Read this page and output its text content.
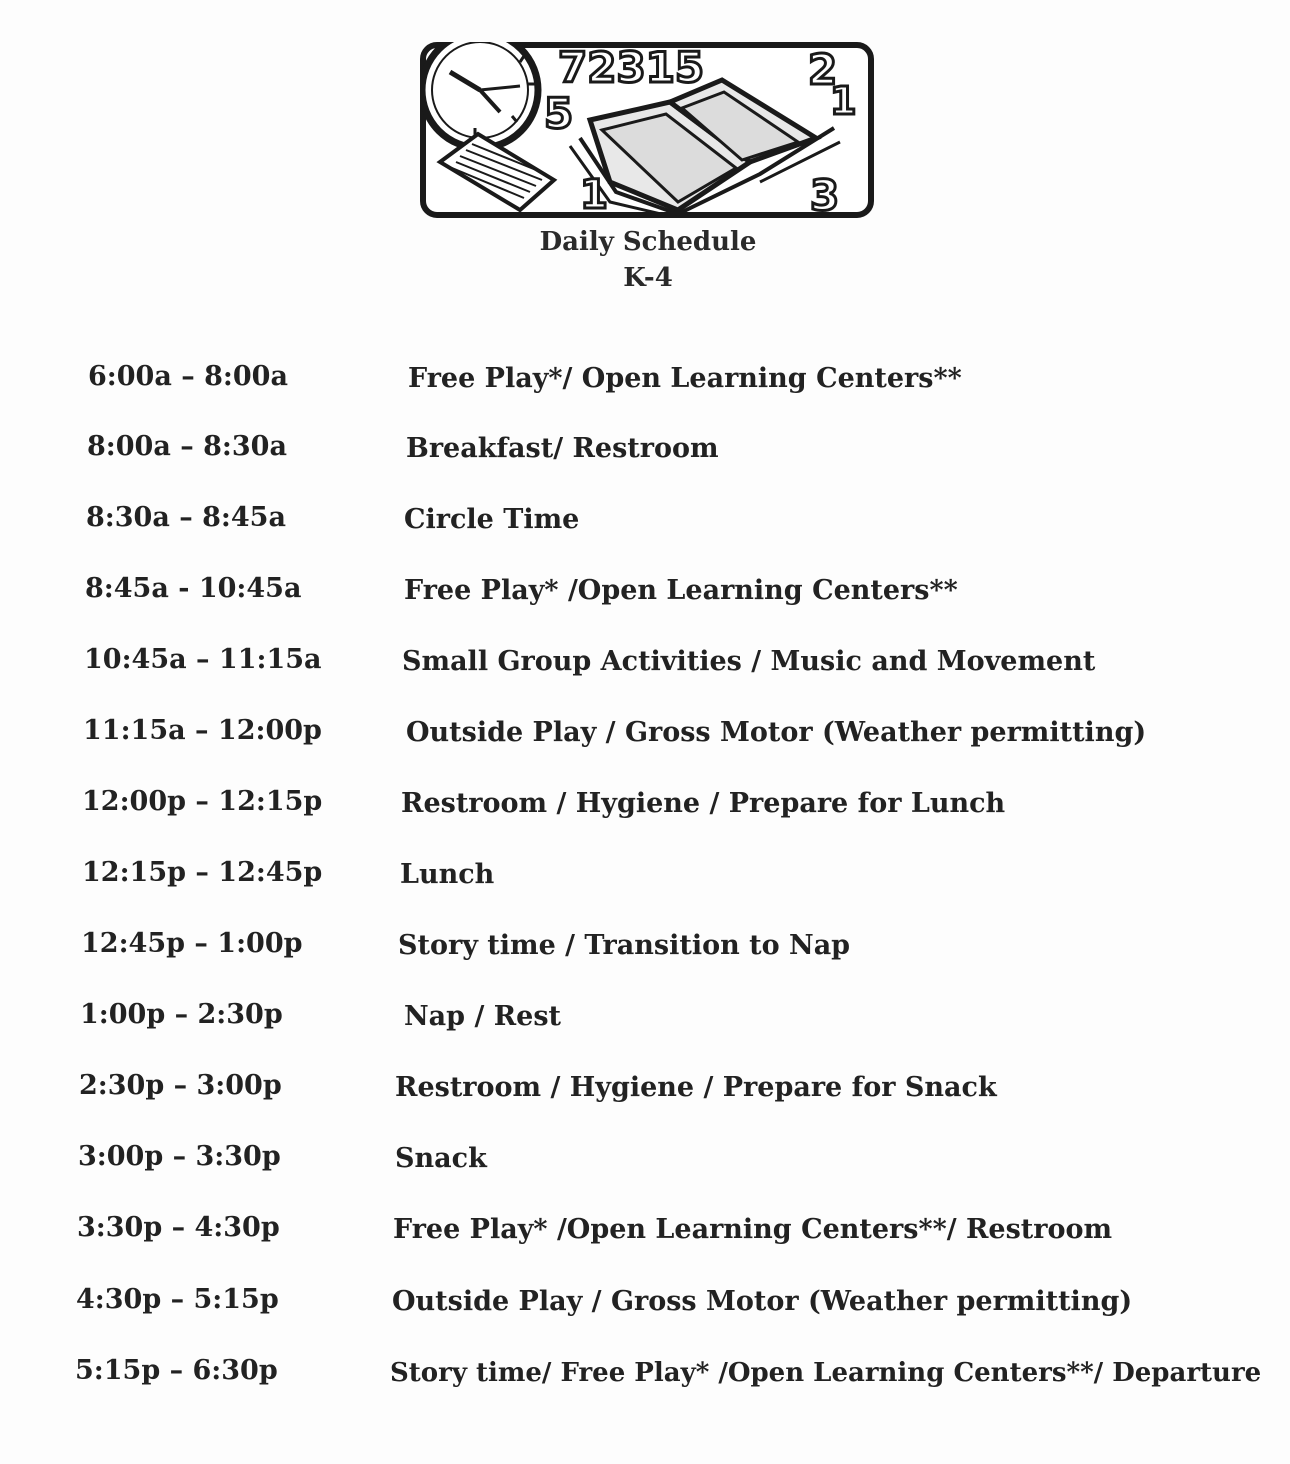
72315 2
1
5
1	3
Daily Schedule
K-4
6:00a – 8:00a	Free Play*/ Open Learning Centers**
8:00a – 8:30a	Breakfast/ Restroom
8:30a – 8:45a	Circle Time
8:45a - 10:45a	Free Play* /Open Learning Centers**
10:45a – 11:15a	Small Group Activities / Music and Movement
11:15a – 12:00p	Outside Play / Gross Motor (Weather permitting)
12:00p – 12:15p	Restroom / Hygiene / Prepare for Lunch
12:15p – 12:45p	Lunch
12:45p – 1:00p	Story time / Transition to Nap
1:00p – 2:30p	Nap / Rest
2:30p – 3:00p	Restroom / Hygiene / Prepare for Snack
3:00p – 3:30p	Snack
3:30p – 4:30p	Free Play* /Open Learning Centers**/ Restroom
4:30p – 5:15p	Outside Play / Gross Motor (Weather permitting)
5:15p – 6:30p	Story time/ Free Play* /Open Learning Centers**/ Departure
